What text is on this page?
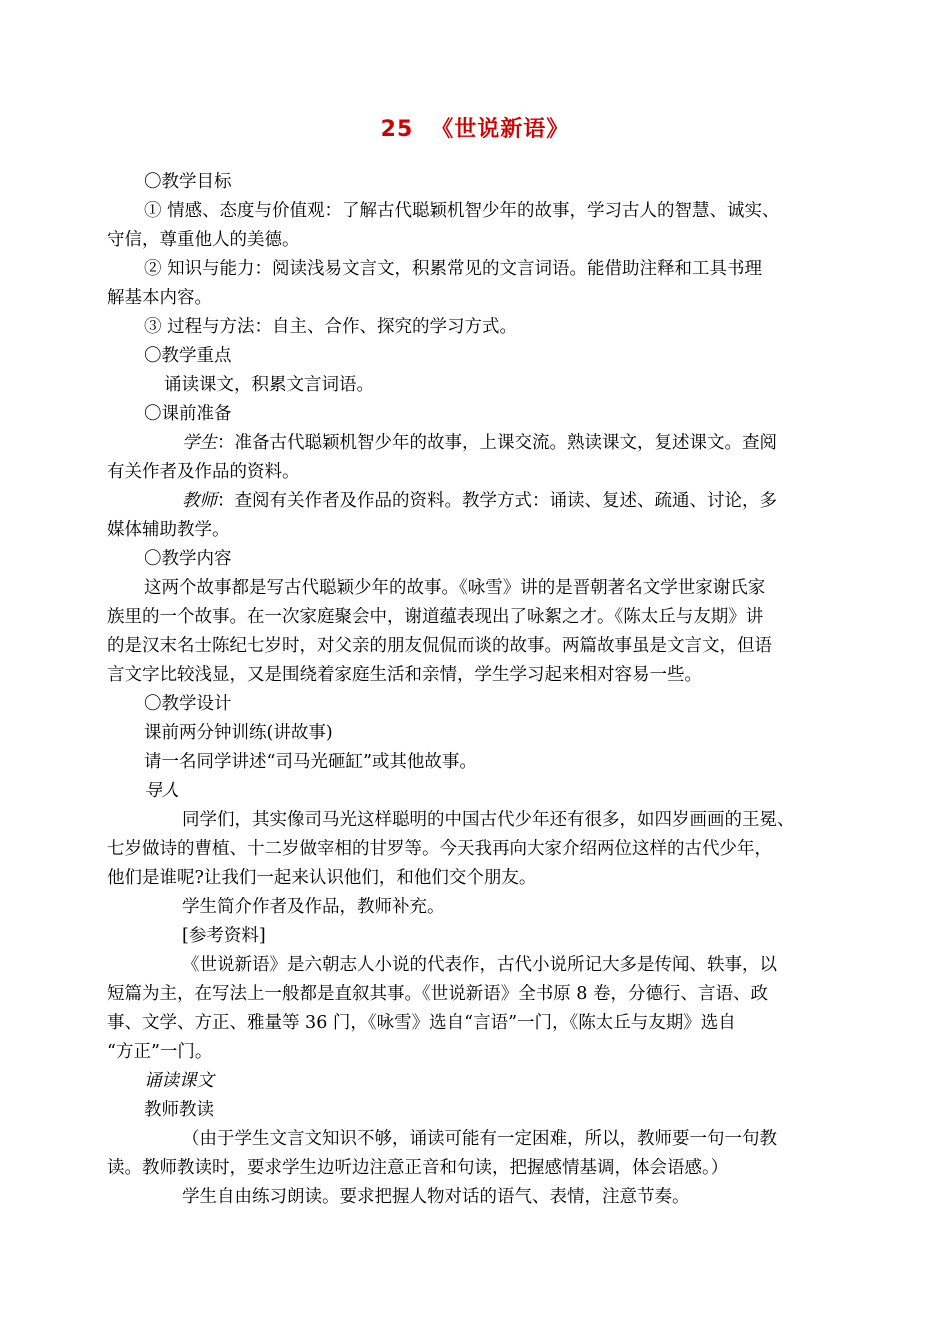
25 《世说新语》
〇教学目标
① 情感、态度与价值观：了解古代聪颖机智少年的故事，学习古人的智慧、诚实、
守信，尊重他人的美德。
② 知识与能力：阅读浅易文言文，积累常见的文言词语。能借助注释和工具书理
解基本内容。
③ 过程与方法：自主、合作、探究的学习方式。
〇教学重点
诵读课文，积累文言词语。
〇课前准备
学生：准备古代聪颖机智少年的故事，上课交流。熟读课文，复述课文。查阅
有关作者及作品的资料。
教师：查阅有关作者及作品的资料。教学方式：诵读、复述、疏通、讨论，多
媒体辅助教学。
〇教学内容
这两个故事都是写古代聪颖少年的故事。《咏雪》讲的是晋朝著名文学世家谢氏家
族里的一个故事。在一次家庭聚会中，谢道蕴表现出了咏絮之才。《陈太丘与友期》讲
的是汉末名士陈纪七岁时，对父亲的朋友侃侃而谈的故事。两篇故事虽是文言文，但语
言文字比较浅显，又是围绕着家庭生活和亲情，学生学习起来相对容易一些。
〇教学设计
课前两分钟训练(讲故事)
请一名同学讲述“司马光砸缸”或其他故事。
导人
同学们，其实像司马光这样聪明的中国古代少年还有很多，如四岁画画的王冕、
七岁做诗的曹植、十二岁做宰相的甘罗等。今天我再向大家介绍两位这样的古代少年，
他们是谁呢?让我们一起来认识他们，和他们交个朋友。
学生简介作者及作品，教师补充。
[参考资料]
《世说新语》是六朝志人小说的代表作，古代小说所记大多是传闻、轶事，以
短篇为主，在写法上一般都是直叙其事。《世说新语》全书原 8 卷，分德行、言语、政
事、文学、方正、雅量等 36 门，《咏雪》选自“言语”一门，《陈太丘与友期》选自
“方正”一门。
诵读课文
教师教读
（由于学生文言文知识不够，诵读可能有一定困难，所以，教师要一句一句教
读。教师教读时，要求学生边听边注意正音和句读，把握感情基调，体会语感。）
学生自由练习朗读。要求把握人物对话的语气、表情，注意节奏。
